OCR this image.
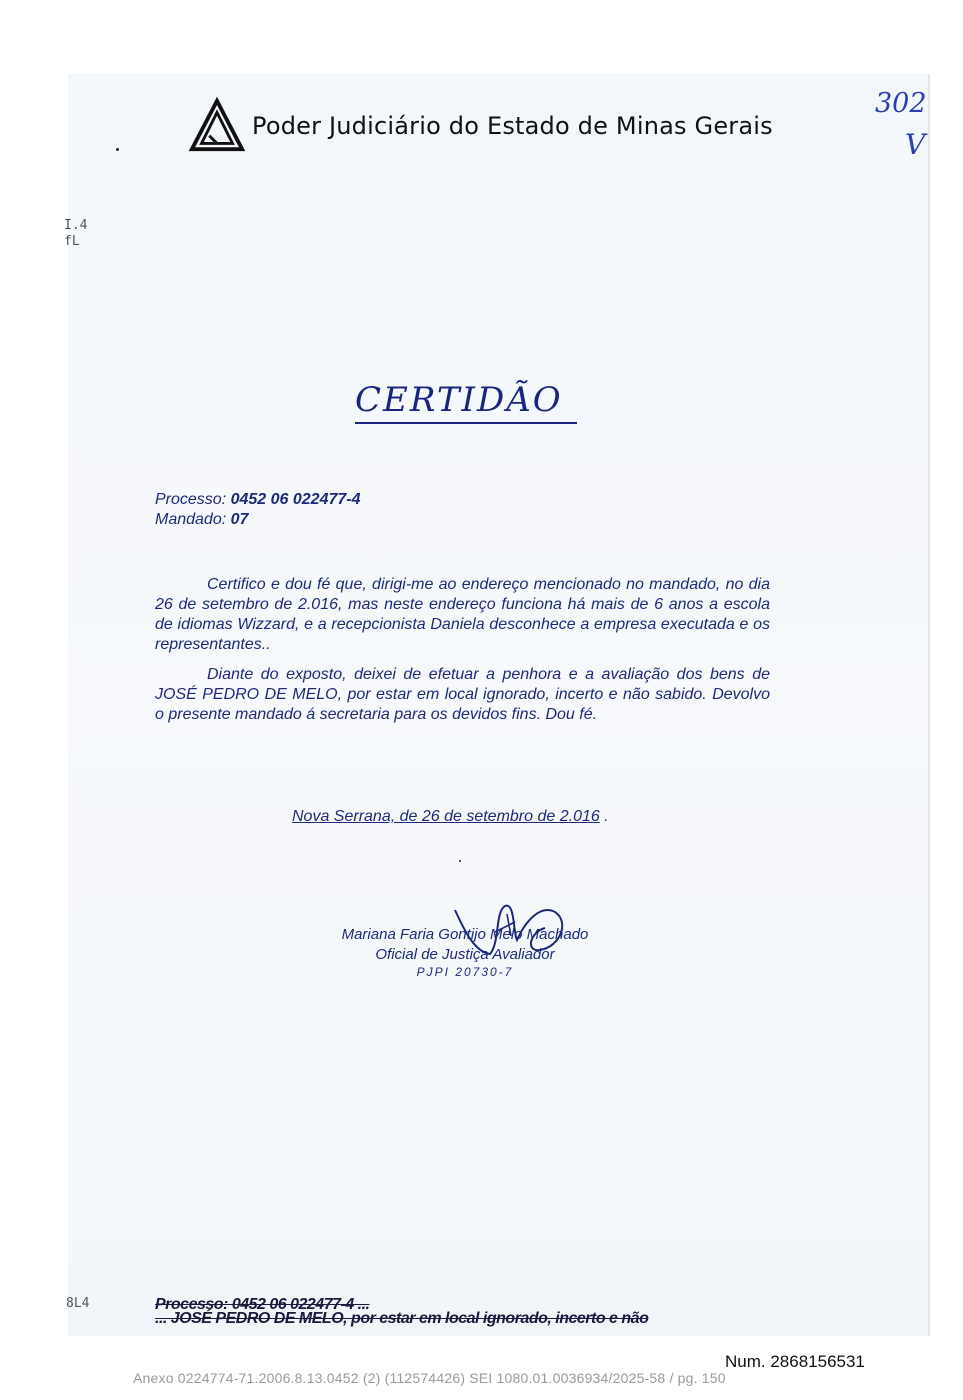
Poder Judiciário do Estado de Minas Gerais
302
V
I.4
fL
8L4
CERTIDÃO
Processo: 0452 06 022477-4
Mandado: 07

Certifico e dou fé que, dirigi-me ao endereço mencionado no mandado, no dia 26 de setembro de 2.016, mas neste endereço funciona há mais de 6 anos a escola de idiomas Wizzard, e a recepcionista Daniela desconhece a empresa executada e os representantes..

Diante do exposto, deixei de efetuar a penhora e a avaliação dos bens de JOSÉ PEDRO DE MELO, por estar em local ignorado, incerto e não sabido. Devolvo o presente mandado á secretaria para os devidos fins. Dou fé.

Nova Serrana, de 26 de setembro de 2.016 .
Mariana Faria Gontijo Melo Machado
Oficial de Justiça Avaliador
PJPI 20730-7
Processo: 0452 06 022477-4 ...
... JOSÉ PEDRO DE MELO, por estar em local ignorado, incerto e não
Num. 2868156531
Anexo 0224774-71.2006.8.13.0452 (2) (112574426) SEI 1080.01.0036934/2025-58 / pg. 150
